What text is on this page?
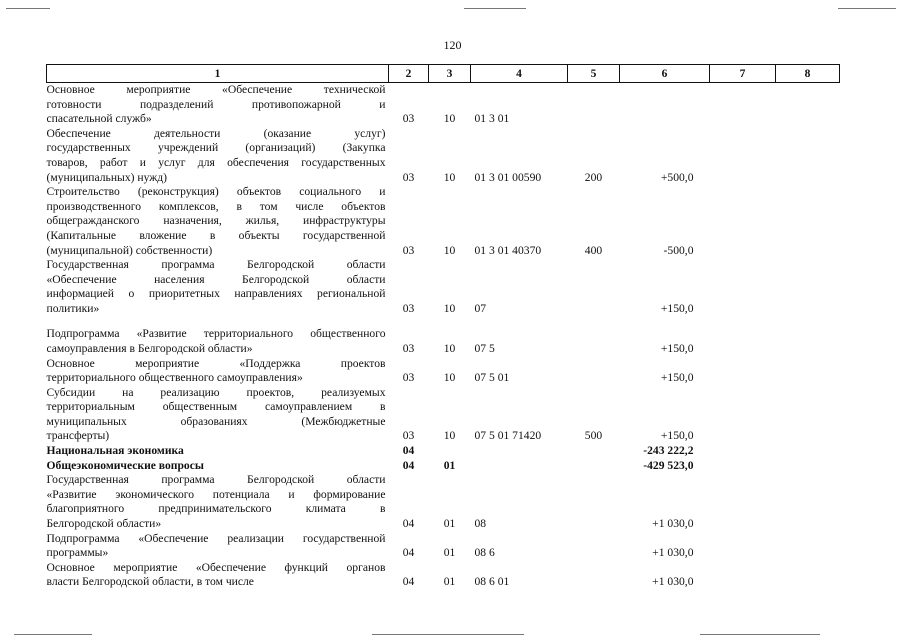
120
1	2	3	4	5	6	7	8

Основное мероприятие «Обеспечение технической
готовности подразделений противопожарной и
спасательной служб»	03	10	01 3 01				

Обеспечение деятельности (оказание услуг)
государственных учреждений (организаций) (Закупка
товаров, работ и услуг для обеспечения государственных
(муниципальных) нужд)	03	10	01 3 01 00590	200	+500,0		

Строительство (реконструкция) объектов социального и
производственного комплексов, в том числе объектов
общегражданского назначения, жилья, инфраструктуры
(Капитальные вложение в объекты государственной
(муниципальной) собственности)	03	10	01 3 01 40370	400	-500,0		

Государственная программа Белгородской области
«Обеспечение населения Белгородской области
информацией о приоритетных направлениях региональной
политики»	03	10	07		+150,0		

Подпрограмма «Развитие территориального общественного
самоуправления в Белгородской области»	03	10	07 5		+150,0		

Основное мероприятие «Поддержка проектов
территориального общественного самоуправления»	03	10	07 5 01		+150,0		

Субсидии на реализацию проектов, реализуемых
территориальным общественным самоуправлением в
муниципальных образованиях (Межбюджетные
трансферты)	03	10	07 5 01 71420	500	+150,0		

Национальная экономика	04				-243 222,2		

Общеэкономические вопросы	04	01			-429 523,0		

Государственная программа Белгородской области
«Развитие экономического потенциала и формирование
благоприятного предпринимательского климата в
Белгородской области»	04	01	08		+1 030,0		

Подпрограмма «Обеспечение реализации государственной
программы»	04	01	08 6		+1 030,0		

Основное мероприятие «Обеспечение функций органов
власти Белгородской области, в том числе	04	01	08 6 01		+1 030,0		
